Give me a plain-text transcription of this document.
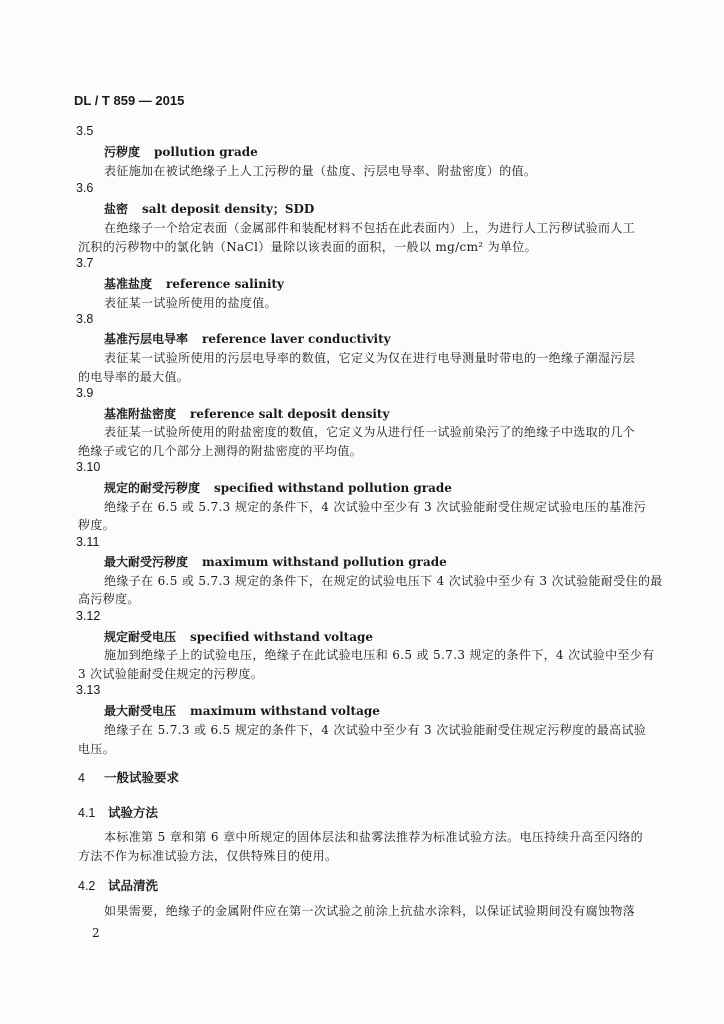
DL / T 859 — 2015
3.5
污秽度 pollution grade
表征施加在被试绝缘子上人工污秽的量（盐度、污层电导率、附盐密度）的值。
3.6
盐密 salt deposit density；SDD
在绝缘子一个给定表面（金属部件和装配材料不包括在此表面内）上，为进行人工污秽试验而人工
沉积的污秽物中的氯化钠（NaCl）量除以该表面的面积，一般以 mg/cm² 为单位。
3.7
基准盐度 reference salinity
表征某一试验所使用的盐度值。
3.8
基准污层电导率 reference laver conductivity
表征某一试验所使用的污层电导率的数值，它定义为仅在进行电导测量时带电的一绝缘子潮湿污层
的电导率的最大值。
3.9
基准附盐密度 reference salt deposit density
表征某一试验所使用的附盐密度的数值，它定义为从进行任一试验前染污了的绝缘子中选取的几个
绝缘子或它的几个部分上测得的附盐密度的平均值。
3.10
规定的耐受污秽度 specified withstand pollution grade
绝缘子在 6.5 或 5.7.3 规定的条件下，4 次试验中至少有 3 次试验能耐受住规定试验电压的基准污
秽度。
3.11
最大耐受污秽度 maximum withstand pollution grade
绝缘子在 6.5 或 5.7.3 规定的条件下，在规定的试验电压下 4 次试验中至少有 3 次试验能耐受住的最
高污秽度。
3.12
规定耐受电压 specified withstand voltage
施加到绝缘子上的试验电压，绝缘子在此试验电压和 6.5 或 5.7.3 规定的条件下，4 次试验中至少有
3 次试验能耐受住规定的污秽度。
3.13
最大耐受电压 maximum withstand voltage
绝缘子在 5.7.3 或 6.5 规定的条件下，4 次试验中至少有 3 次试验能耐受住规定污秽度的最高试验
电压。
4 一般试验要求
4.1 试验方法
本标准第 5 章和第 6 章中所规定的固体层法和盐雾法推荐为标准试验方法。电压持续升高至闪络的
方法不作为标准试验方法，仅供特殊目的使用。
4.2 试品清洗
如果需要，绝缘子的金属附件应在第一次试验之前涂上抗盐水涂料，以保证试验期间没有腐蚀物落
2
